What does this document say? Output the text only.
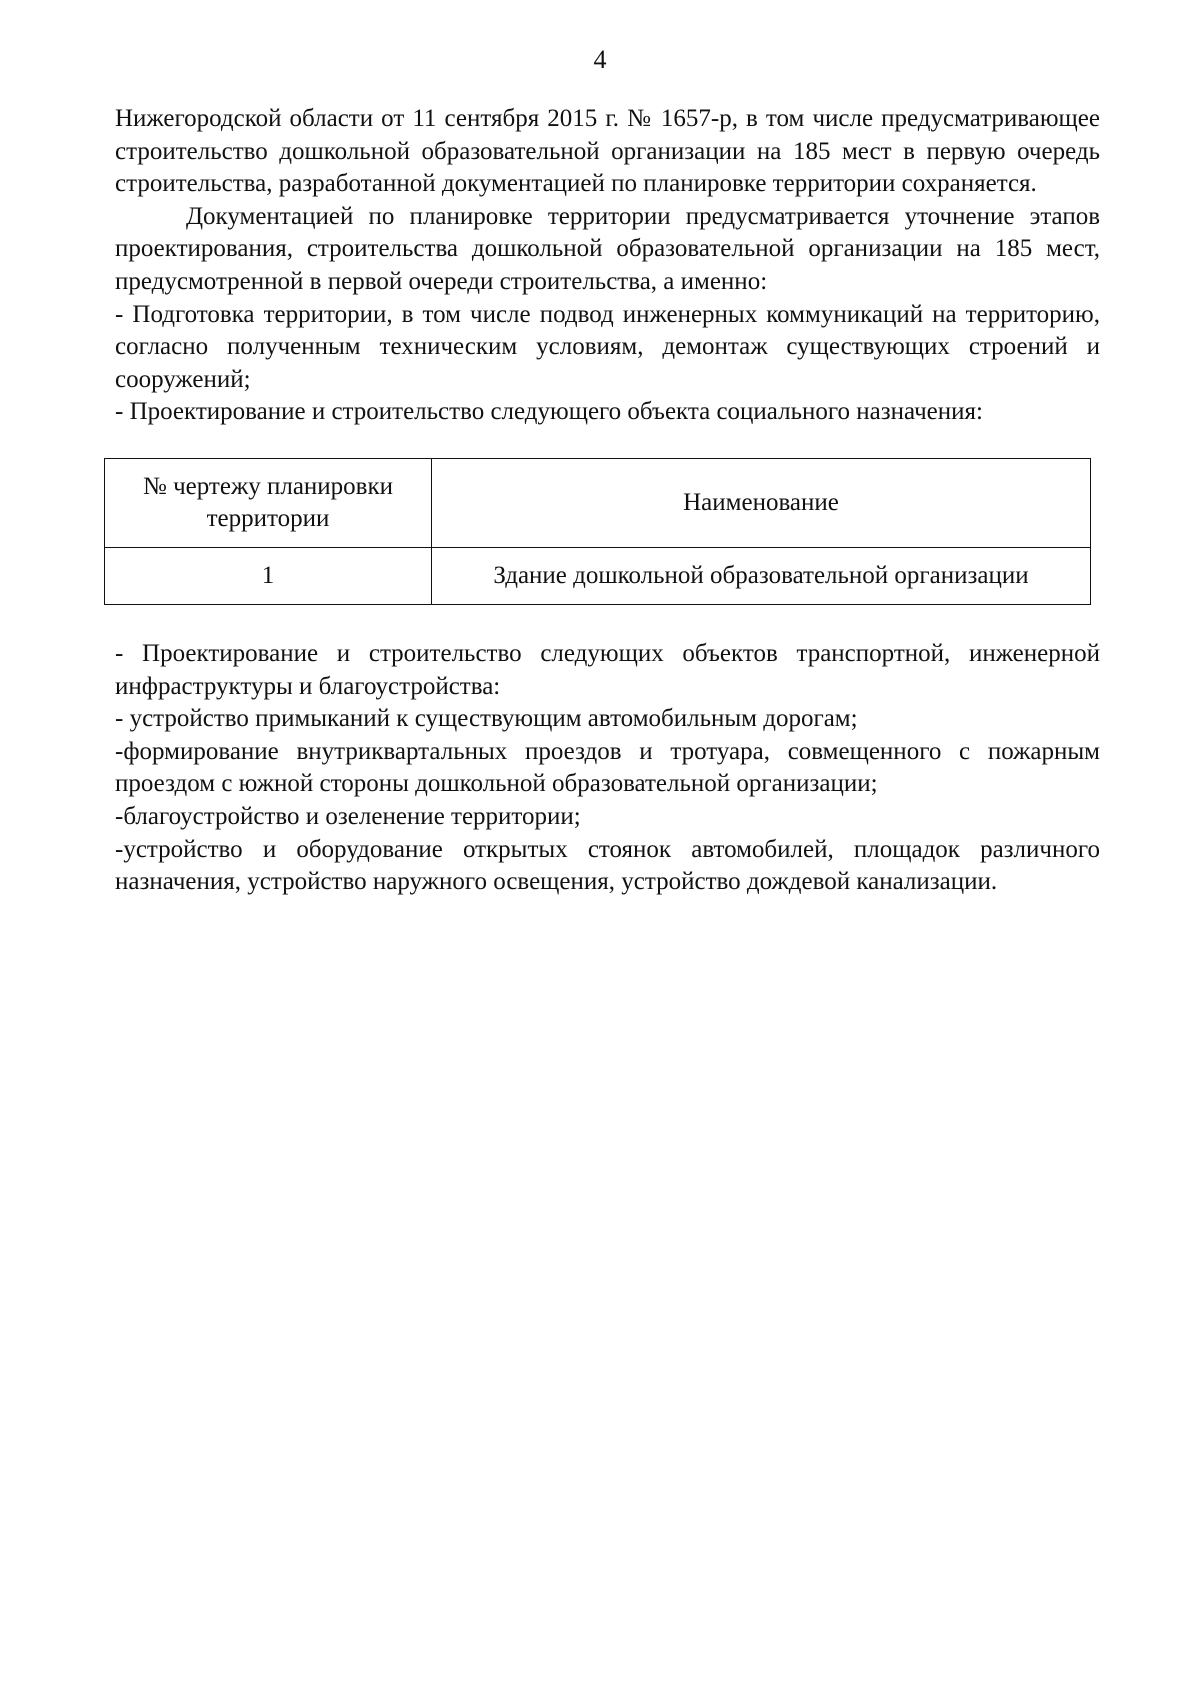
4

Нижегородской области от 11 сентября 2015 г. № 1657-р, в том числе предусматривающее строительство дошкольной образовательной организации на 185 мест в первую очередь строительства, разработанной документацией по планировке территории сохраняется.

Документацией по планировке территории предусматривается уточнение этапов проектирования, строительства дошкольной образовательной организации на 185 мест, предусмотренной в первой очереди строительства, а именно:

- Подготовка территории, в том числе подвод инженерных коммуникаций на территорию, согласно полученным техническим условиям, демонтаж существующих строений и сооружений;

- Проектирование и строительство следующего объекта социального назначения:

№ чертежу планировки территории	Наименование
1	Здание дошкольной образовательной организации

- Проектирование и строительство следующих объектов транспортной, инженерной инфраструктуры и благоустройства:

- устройство примыканий к существующим автомобильным дорогам;

-формирование внутриквартальных проездов и тротуара, совмещенного с пожарным проездом с южной стороны дошкольной образовательной организации;

-благоустройство и озеленение территории;

-устройство и оборудование открытых стоянок автомобилей, площадок различного назначения, устройство наружного освещения, устройство дождевой канализации.
